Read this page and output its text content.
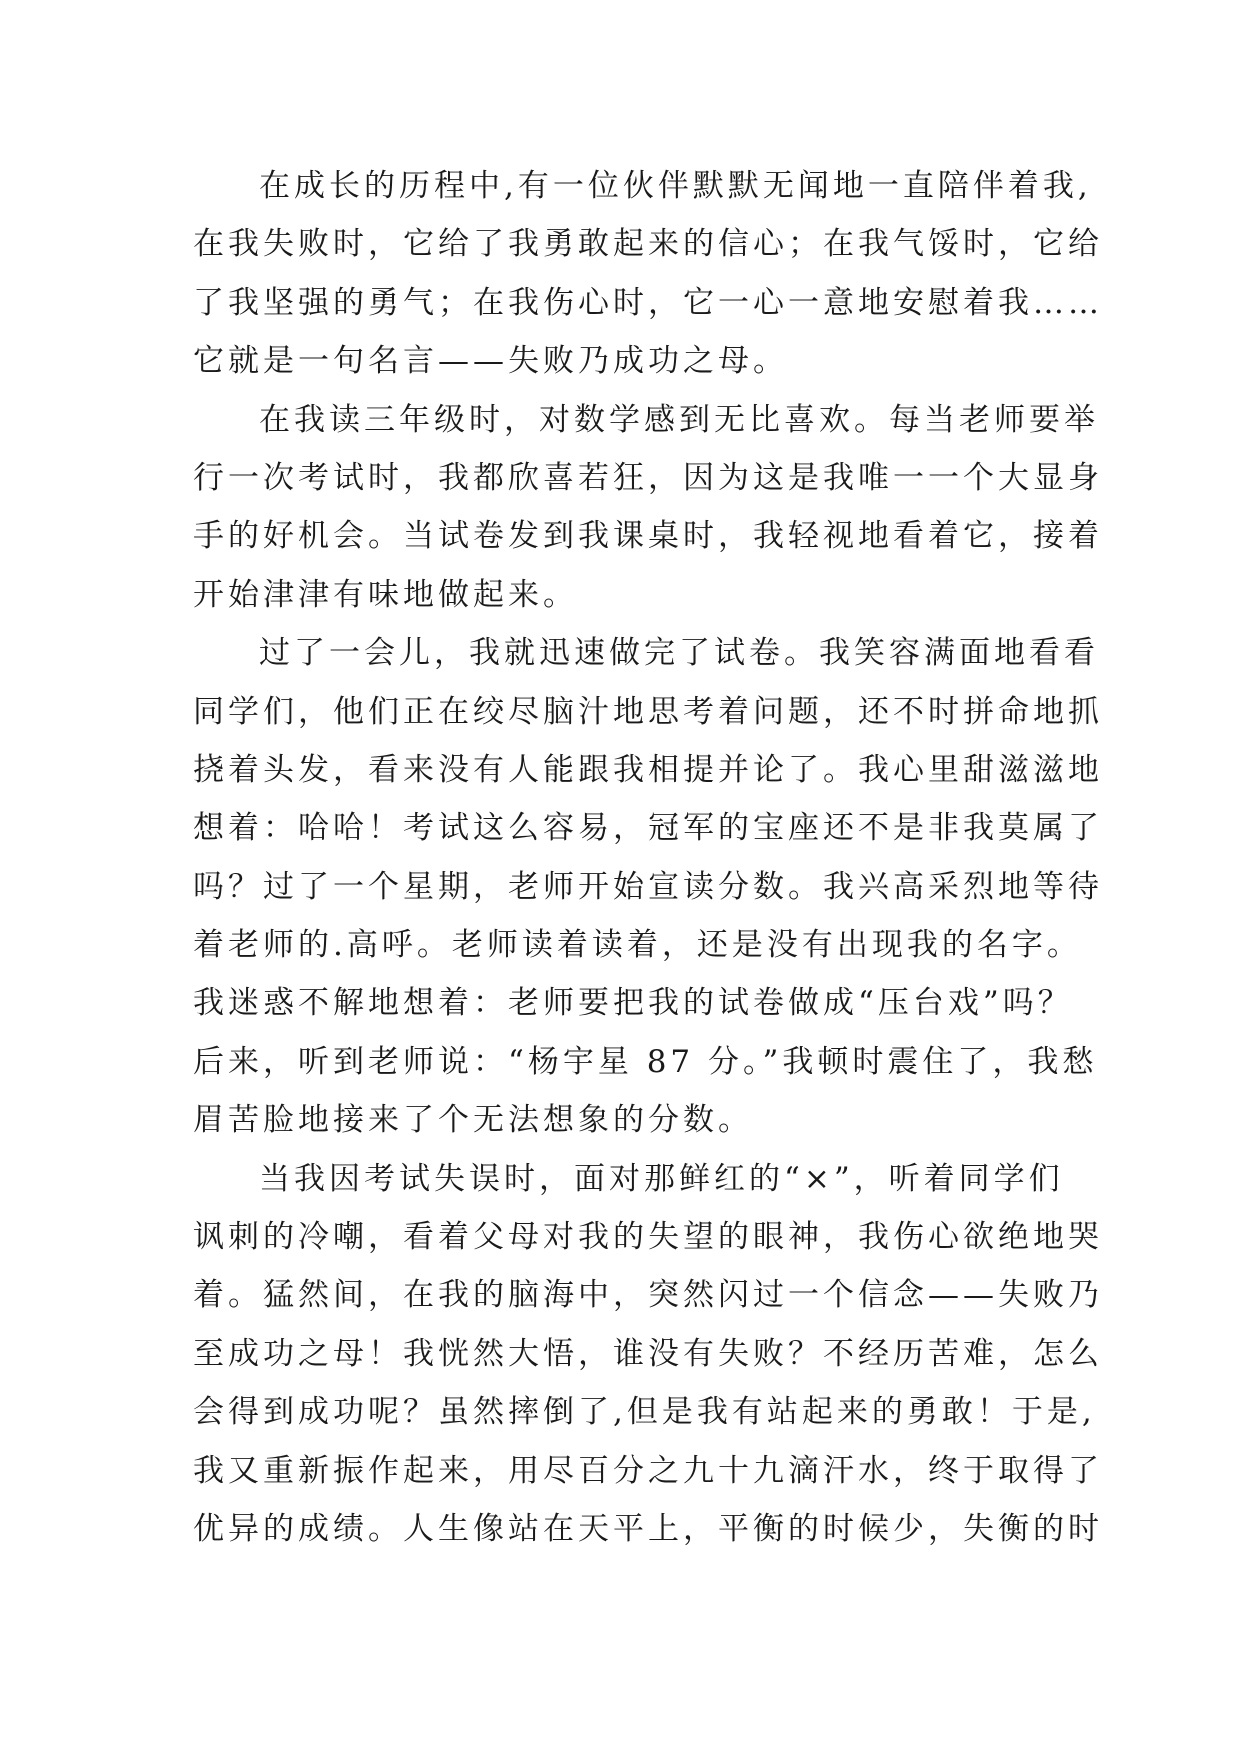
在成长的历程中,有一位伙伴默默无闻地一直陪伴着我,
在我失败时，它给了我勇敢起来的信心；在我气馁时，它给
了我坚强的勇气；在我伤心时，它一心一意地安慰着我……
它就是一句名言——失败乃成功之母。
在我读三年级时，对数学感到无比喜欢。每当老师要举
行一次考试时，我都欣喜若狂，因为这是我唯一一个大显身
手的好机会。当试卷发到我课桌时，我轻视地看着它，接着
开始津津有味地做起来。
过了一会儿，我就迅速做完了试卷。我笑容满面地看看
同学们，他们正在绞尽脑汁地思考着问题，还不时拼命地抓
挠着头发，看来没有人能跟我相提并论了。我心里甜滋滋地
想着：哈哈！考试这么容易，冠军的宝座还不是非我莫属了
吗？过了一个星期，老师开始宣读分数。我兴高采烈地等待
着老师的.高呼。老师读着读着，还是没有出现我的名字。
我迷惑不解地想着：老师要把我的试卷做成“压台戏”吗？
后来，听到老师说：“杨宇星 87 分。”我顿时震住了，我愁
眉苦脸地接来了个无法想象的分数。
当我因考试失误时，面对那鲜红的“×”，听着同学们
讽刺的冷嘲，看着父母对我的失望的眼神，我伤心欲绝地哭
着。猛然间，在我的脑海中，突然闪过一个信念——失败乃
至成功之母！我恍然大悟，谁没有失败？不经历苦难，怎么
会得到成功呢？虽然摔倒了,但是我有站起来的勇敢！于是,
我又重新振作起来，用尽百分之九十九滴汗水，终于取得了
优异的成绩。人生像站在天平上，平衡的时候少，失衡的时
